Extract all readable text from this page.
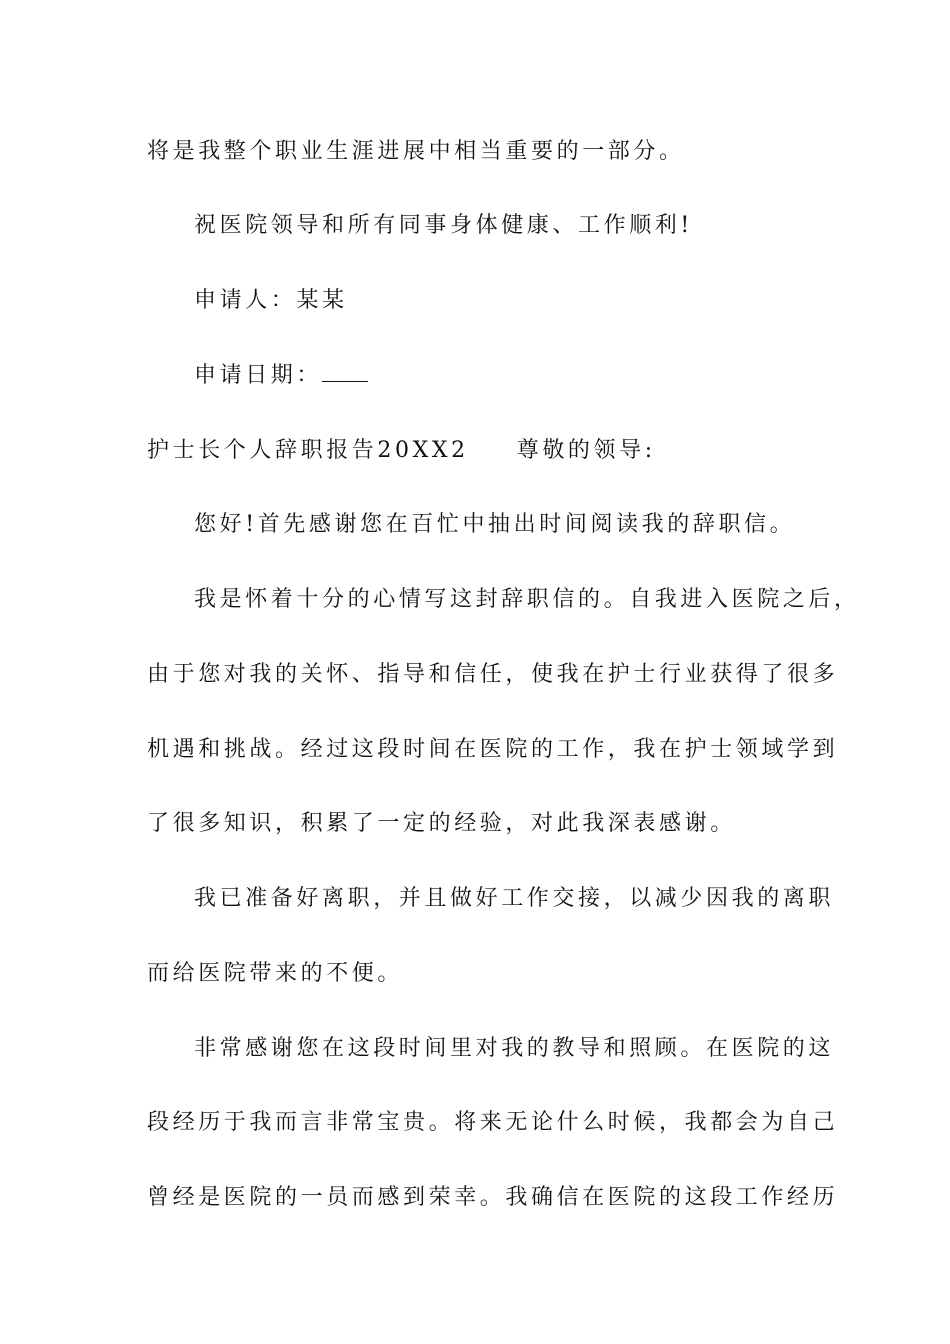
将是我整个职业生涯进展中相当重要的一部分。
祝医院领导和所有同事身体健康、工作顺利!
申请人：某某
申请日期：
护士长个人辞职报告20XX2 尊敬的领导:
您好!首先感谢您在百忙中抽出时间阅读我的辞职信。
我是怀着十分的心情写这封辞职信的。自我进入医院之后，
由于您对我的关怀、指导和信任，使我在护士行业获得了很多
机遇和挑战。经过这段时间在医院的工作，我在护士领域学到
了很多知识，积累了一定的经验，对此我深表感谢。
我已准备好离职，并且做好工作交接，以减少因我的离职
而给医院带来的不便。
非常感谢您在这段时间里对我的教导和照顾。在医院的这
段经历于我而言非常宝贵。将来无论什么时候，我都会为自己
曾经是医院的一员而感到荣幸。我确信在医院的这段工作经历
